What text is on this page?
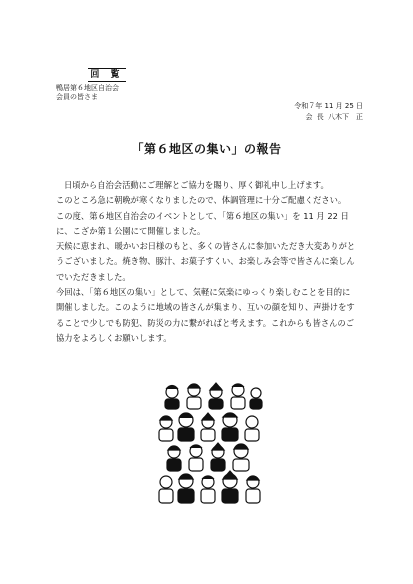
回 覧
鴨居第６地区自治会
会員の皆さま
令和７年 11 月 25 日
会 長 八木下　正
「第６地区の集い」の報告

日頃から自治会活動にご理解とご協力を賜り、厚く御礼申し上げます。

このところ急に朝晩が寒くなりましたので、体調管理に十分ご配慮ください。

この度、第６地区自治会のイベントとして、「第６地区の集い」を 11 月 22 日

に、こざか第１公園にて開催しました。

天候に恵まれ、暖かいお日様のもと、多くの皆さんに参加いただき大変ありがと

うございました。焼き物、豚汁、お菓子すくい、お楽しみ会等で皆さんに楽しん

でいただきました。

今回は、「第６地区の集い」として、気軽に気楽にゆっくり楽しむことを目的に

開催しました。このように地域の皆さんが集まり、互いの顔を知り、声掛けをす

ることで少しでも防犯、防災の力に繋がればと考えます。これからも皆さんのご

協力をよろしくお願いします。
